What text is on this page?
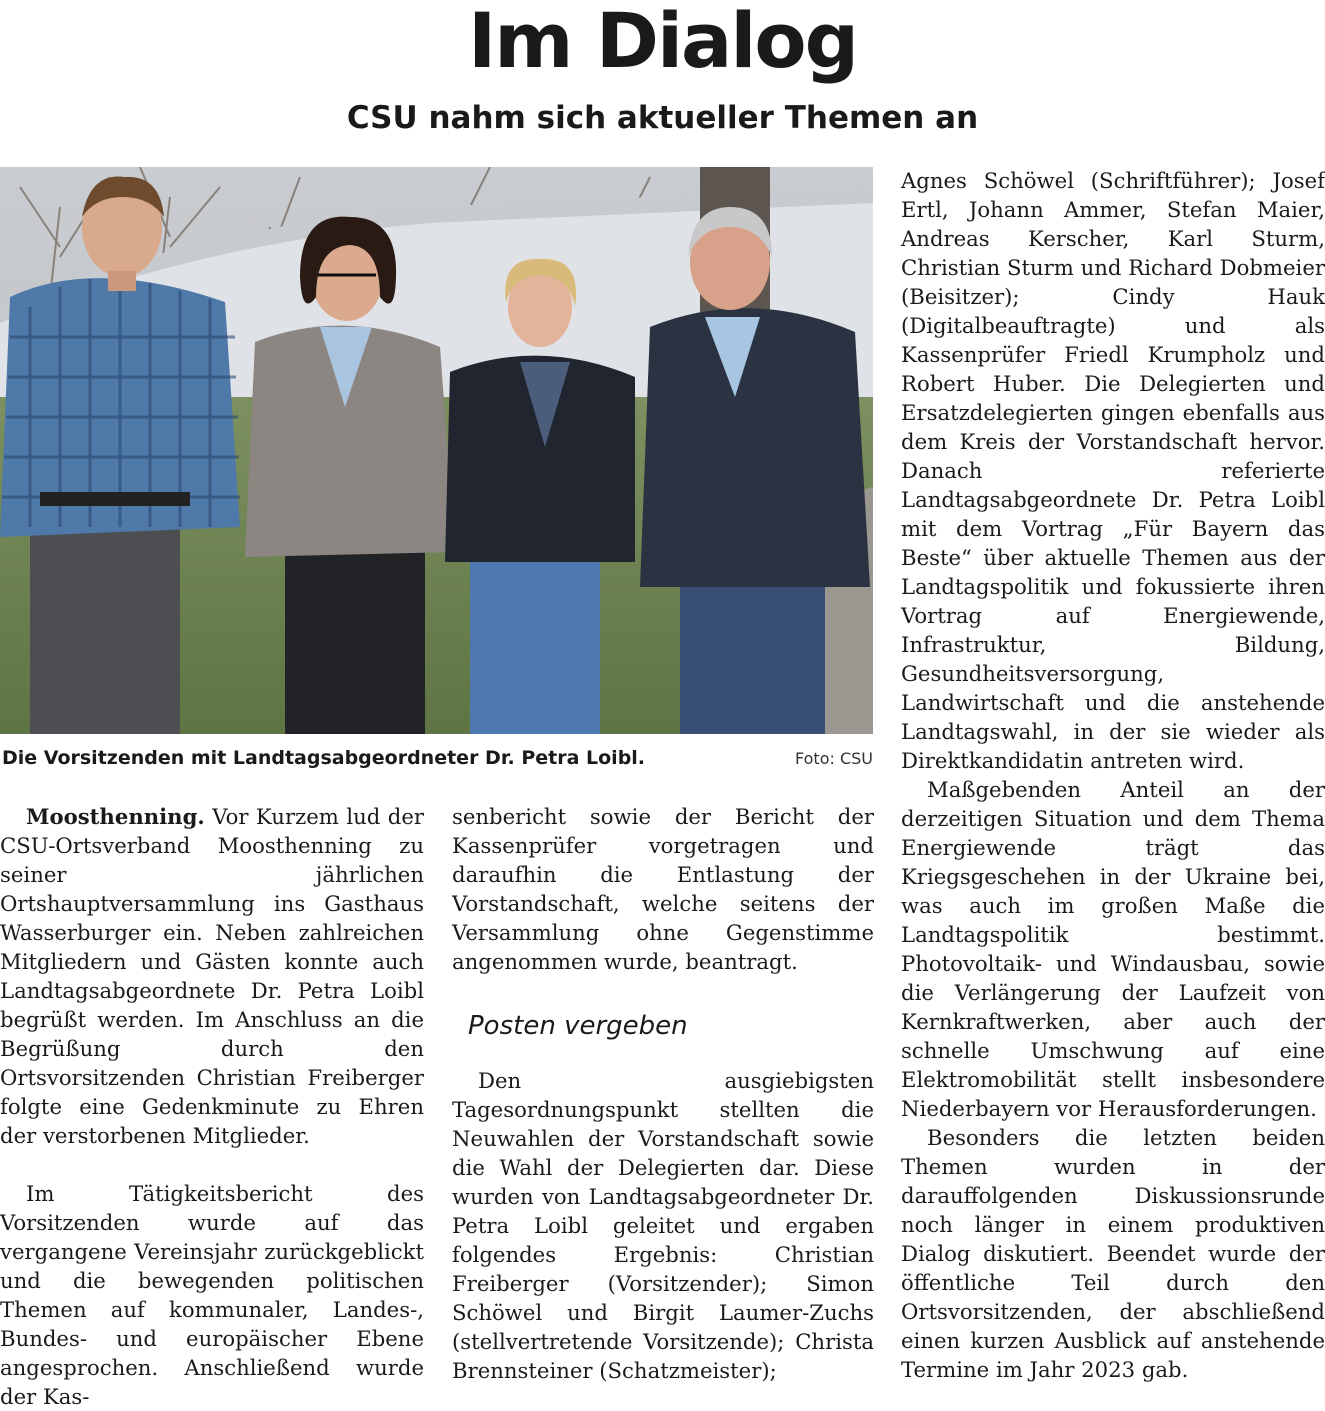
Im Dialog
CSU nahm sich aktueller Themen an
Die Vorsitzenden mit Landtagsabgeordneter Dr. Petra Loibl.	Foto: CSU

Moosthenning. Vor Kurzem lud der CSU-Ortsverband Moosthenning zu seiner jährlichen Ortshauptversammlung ins Gasthaus Wasserburger ein. Neben zahlreichen Mitgliedern und Gästen konnte auch Landtagsabgeordnete Dr. Petra Loibl begrüßt werden. Im Anschluss an die Begrüßung durch den Ortsvorsitzenden Christian Freiberger folgte eine Gedenkminute zu Ehren der verstorbenen Mitglieder.

Im Tätigkeitsbericht des Vorsitzenden wurde auf das vergangene Vereinsjahr zurückgeblickt und die bewegenden politischen Themen auf kommunaler, Landes-, Bundes- und europäischer Ebene angesprochen. Anschließend wurde der Kas-

senbericht sowie der Bericht der Kassenprüfer vorgetragen und daraufhin die Entlastung der Vorstandschaft, welche seitens der Versammlung ohne Gegenstimme angenommen wurde, beantragt.

Posten vergeben

Den ausgiebigsten Tagesordnungspunkt stellten die Neuwahlen der Vorstandschaft sowie die Wahl der Delegierten dar. Diese wurden von Landtagsabgeordneter Dr. Petra Loibl geleitet und ergaben folgendes Ergebnis: Christian Freiberger (Vorsitzender); Simon Schöwel und Birgit Laumer-Zuchs (stellvertretende Vorsitzende); Christa Brennsteiner (Schatzmeister);

Agnes Schöwel (Schriftführer); Josef Ertl, Johann Ammer, Stefan Maier, Andreas Kerscher, Karl Sturm, Christian Sturm und Richard Dobmeier (Beisitzer); Cindy Hauk (Digitalbeauftragte) und als Kassenprüfer Friedl Krumpholz und Robert Huber. Die Delegierten und Ersatzdelegierten gingen ebenfalls aus dem Kreis der Vorstandschaft hervor. Danach referierte Landtagsabgeordnete Dr. Petra Loibl mit dem Vortrag „Für Bayern das Beste“ über aktuelle Themen aus der Landtagspolitik und fokussierte ihren Vortrag auf Energiewende, Infrastruktur, Bildung, Gesundheitsversorgung, Landwirtschaft und die anstehende Landtagswahl, in der sie wieder als Direktkandidatin antreten wird.

Maßgebenden Anteil an der derzeitigen Situation und dem Thema Energiewende trägt das Kriegsgeschehen in der Ukraine bei, was auch im großen Maße die Landtagspolitik bestimmt. Photovoltaik- und Windausbau, sowie die Verlängerung der Laufzeit von Kernkraftwerken, aber auch der schnelle Umschwung auf eine Elektromobilität stellt insbesondere Niederbayern vor Herausforderungen.

Besonders die letzten beiden Themen wurden in der darauffolgenden Diskussionsrunde noch länger in einem produktiven Dialog diskutiert. Beendet wurde der öffentliche Teil durch den Ortsvorsitzenden, der abschließend einen kurzen Ausblick auf anstehende Termine im Jahr 2023 gab.
